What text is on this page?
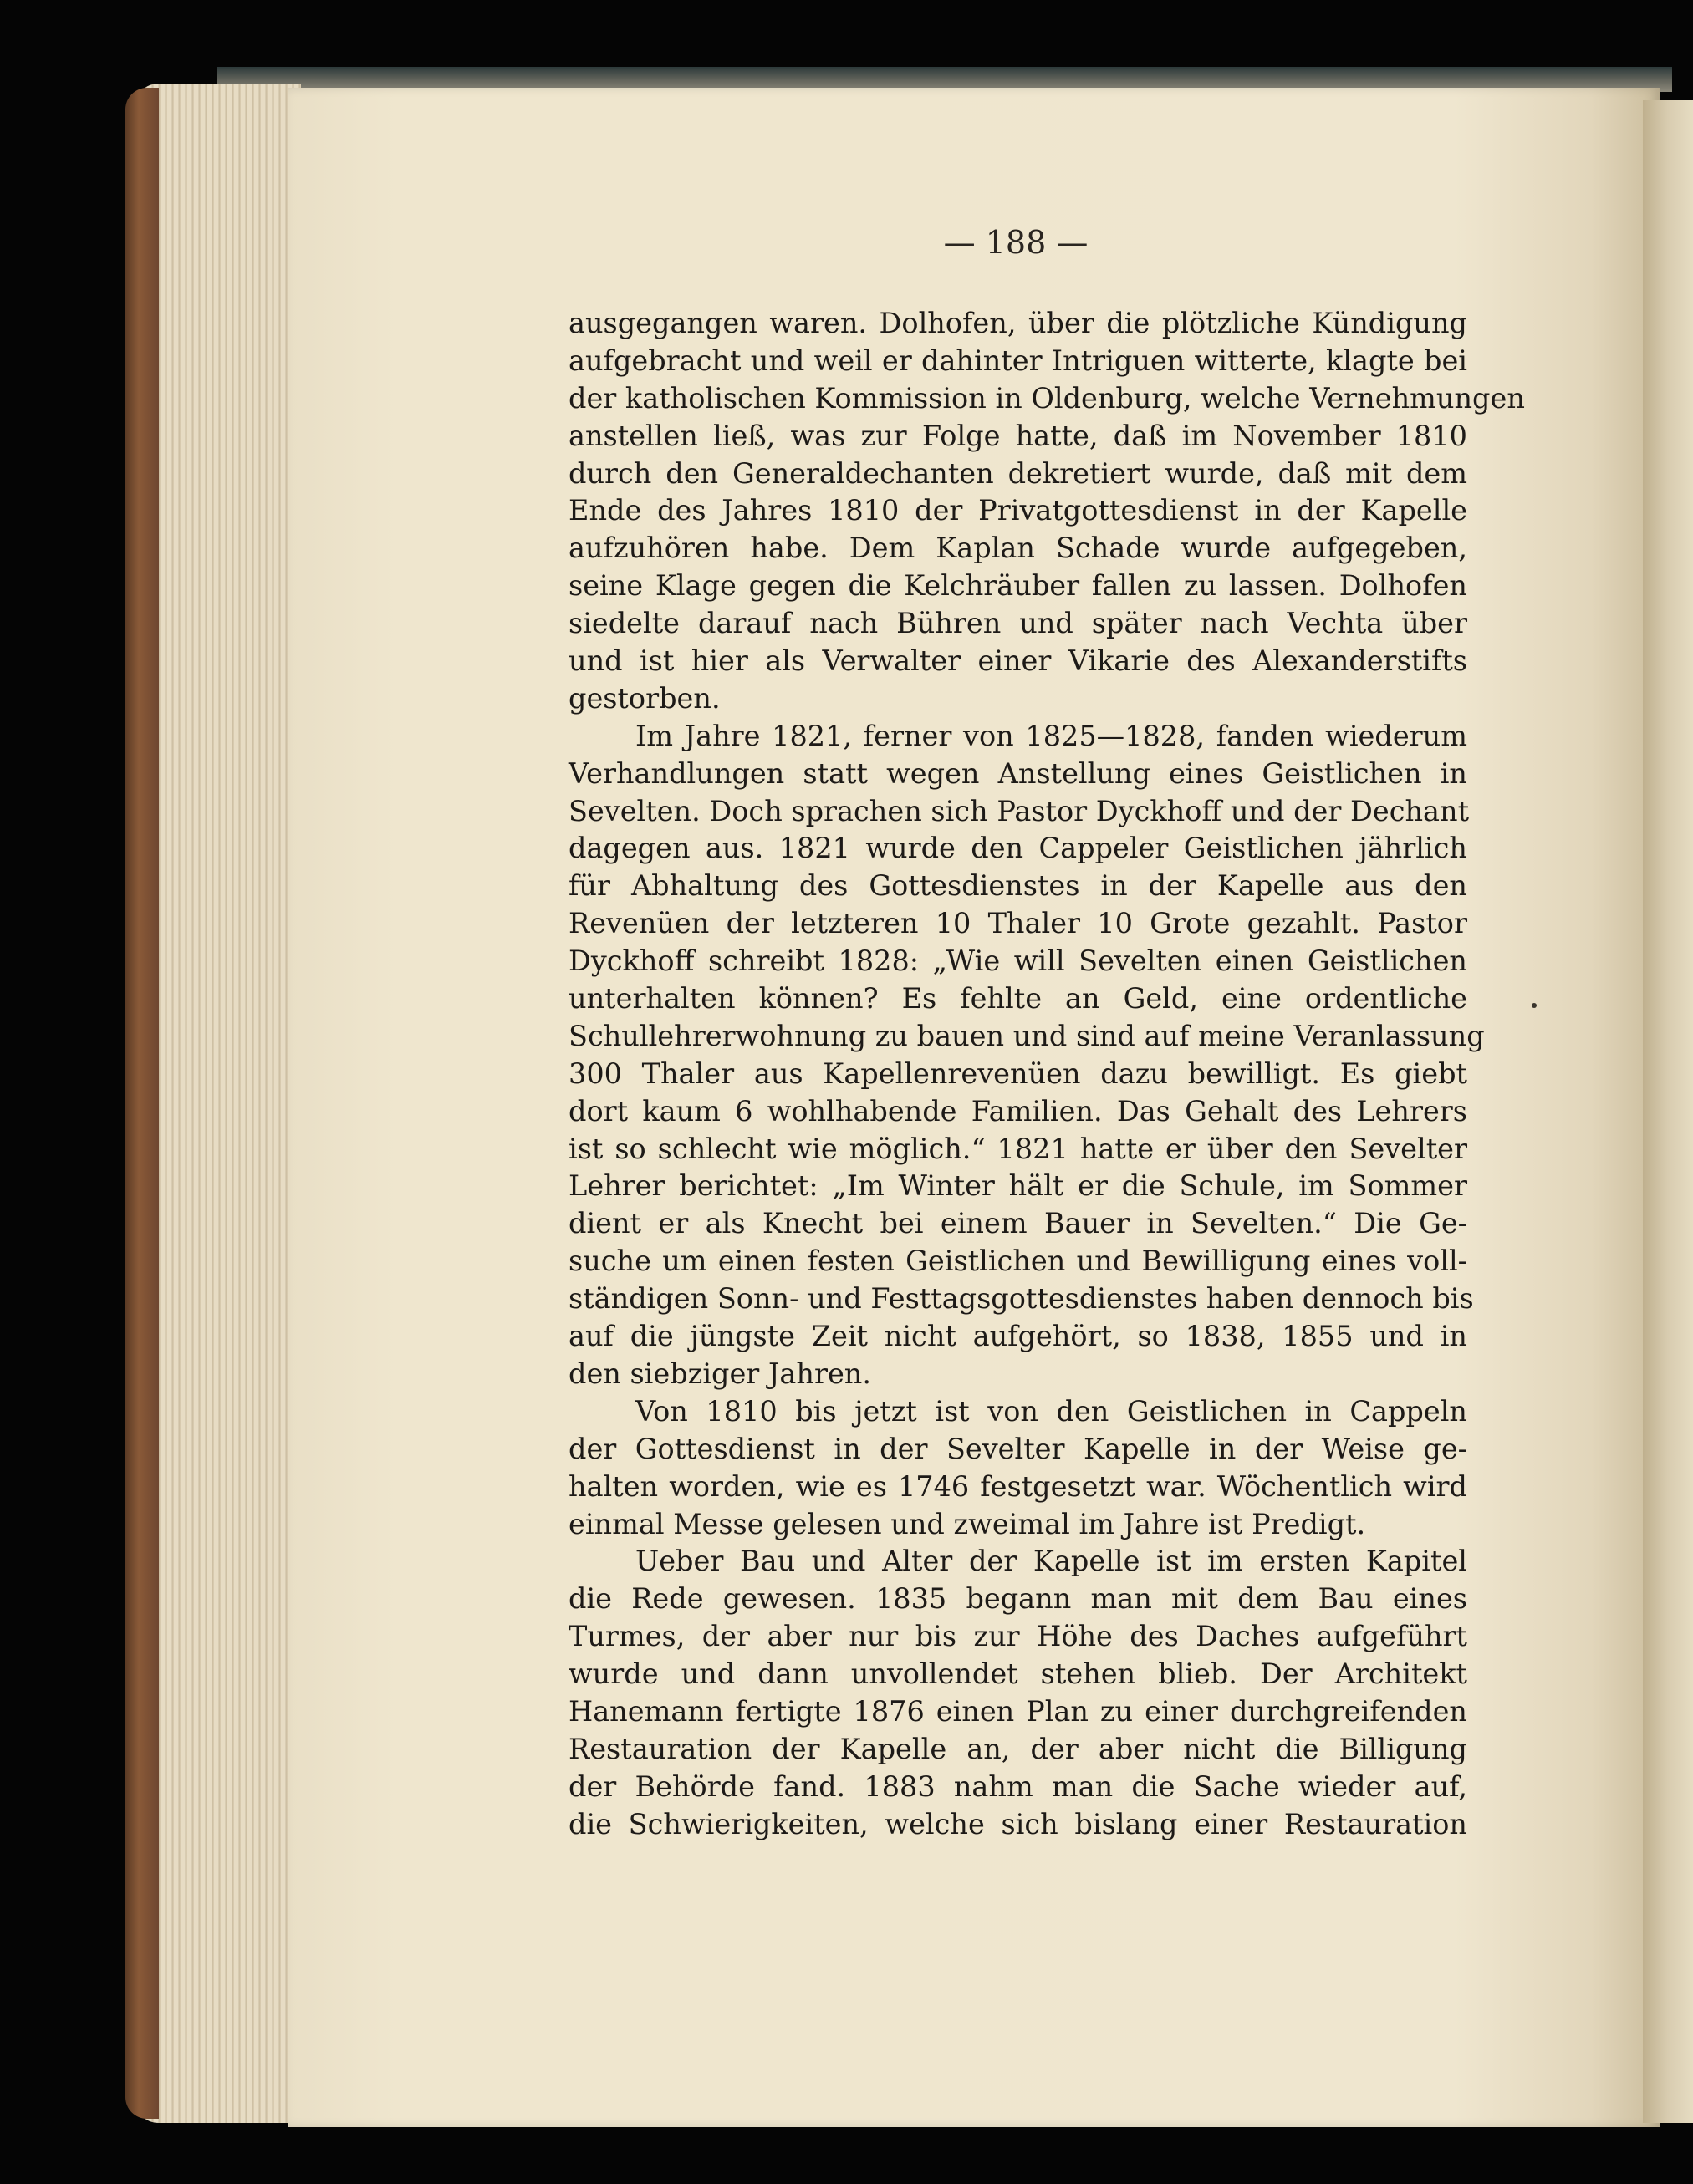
— 188 —
ausgegangen waren. Dolhofen, über die plötzliche Kündigung
aufgebracht und weil er dahinter Intriguen witterte, klagte bei
der katholischen Kommission in Oldenburg, welche Vernehmungen
anstellen ließ, was zur Folge hatte, daß im November 1810
durch den Generaldechanten dekretiert wurde, daß mit dem
Ende des Jahres 1810 der Privatgottesdienst in der Kapelle
aufzuhören habe. Dem Kaplan Schade wurde aufgegeben,
seine Klage gegen die Kelchräuber fallen zu lassen. Dolhofen
siedelte darauf nach Bühren und später nach Vechta über
und ist hier als Verwalter einer Vikarie des Alexanderstifts
gestorben.
Im Jahre 1821, ferner von 1825—1828, fanden wiederum
Verhandlungen statt wegen Anstellung eines Geistlichen in
Sevelten. Doch sprachen sich Pastor Dyckhoff und der Dechant
dagegen aus. 1821 wurde den Cappeler Geistlichen jährlich
für Abhaltung des Gottesdienstes in der Kapelle aus den
Revenüen der letzteren 10 Thaler 10 Grote gezahlt. Pastor
Dyckhoff schreibt 1828: „Wie will Sevelten einen Geistlichen
unterhalten können? Es fehlte an Geld, eine ordentliche
Schullehrerwohnung zu bauen und sind auf meine Veranlassung
300 Thaler aus Kapellenrevenüen dazu bewilligt. Es giebt
dort kaum 6 wohlhabende Familien. Das Gehalt des Lehrers
ist so schlecht wie möglich.“ 1821 hatte er über den Sevelter
Lehrer berichtet: „Im Winter hält er die Schule, im Sommer
dient er als Knecht bei einem Bauer in Sevelten.“ Die Ge-
suche um einen festen Geistlichen und Bewilligung eines voll-
ständigen Sonn- und Festtagsgottesdienstes haben dennoch bis
auf die jüngste Zeit nicht aufgehört, so 1838, 1855 und in
den siebziger Jahren.
Von 1810 bis jetzt ist von den Geistlichen in Cappeln
der Gottesdienst in der Sevelter Kapelle in der Weise ge-
halten worden, wie es 1746 festgesetzt war. Wöchentlich wird
einmal Messe gelesen und zweimal im Jahre ist Predigt.
Ueber Bau und Alter der Kapelle ist im ersten Kapitel
die Rede gewesen. 1835 begann man mit dem Bau eines
Turmes, der aber nur bis zur Höhe des Daches aufgeführt
wurde und dann unvollendet stehen blieb. Der Architekt
Hanemann fertigte 1876 einen Plan zu einer durchgreifenden
Restauration der Kapelle an, der aber nicht die Billigung
der Behörde fand. 1883 nahm man die Sache wieder auf,
die Schwierigkeiten, welche sich bislang einer Restauration
